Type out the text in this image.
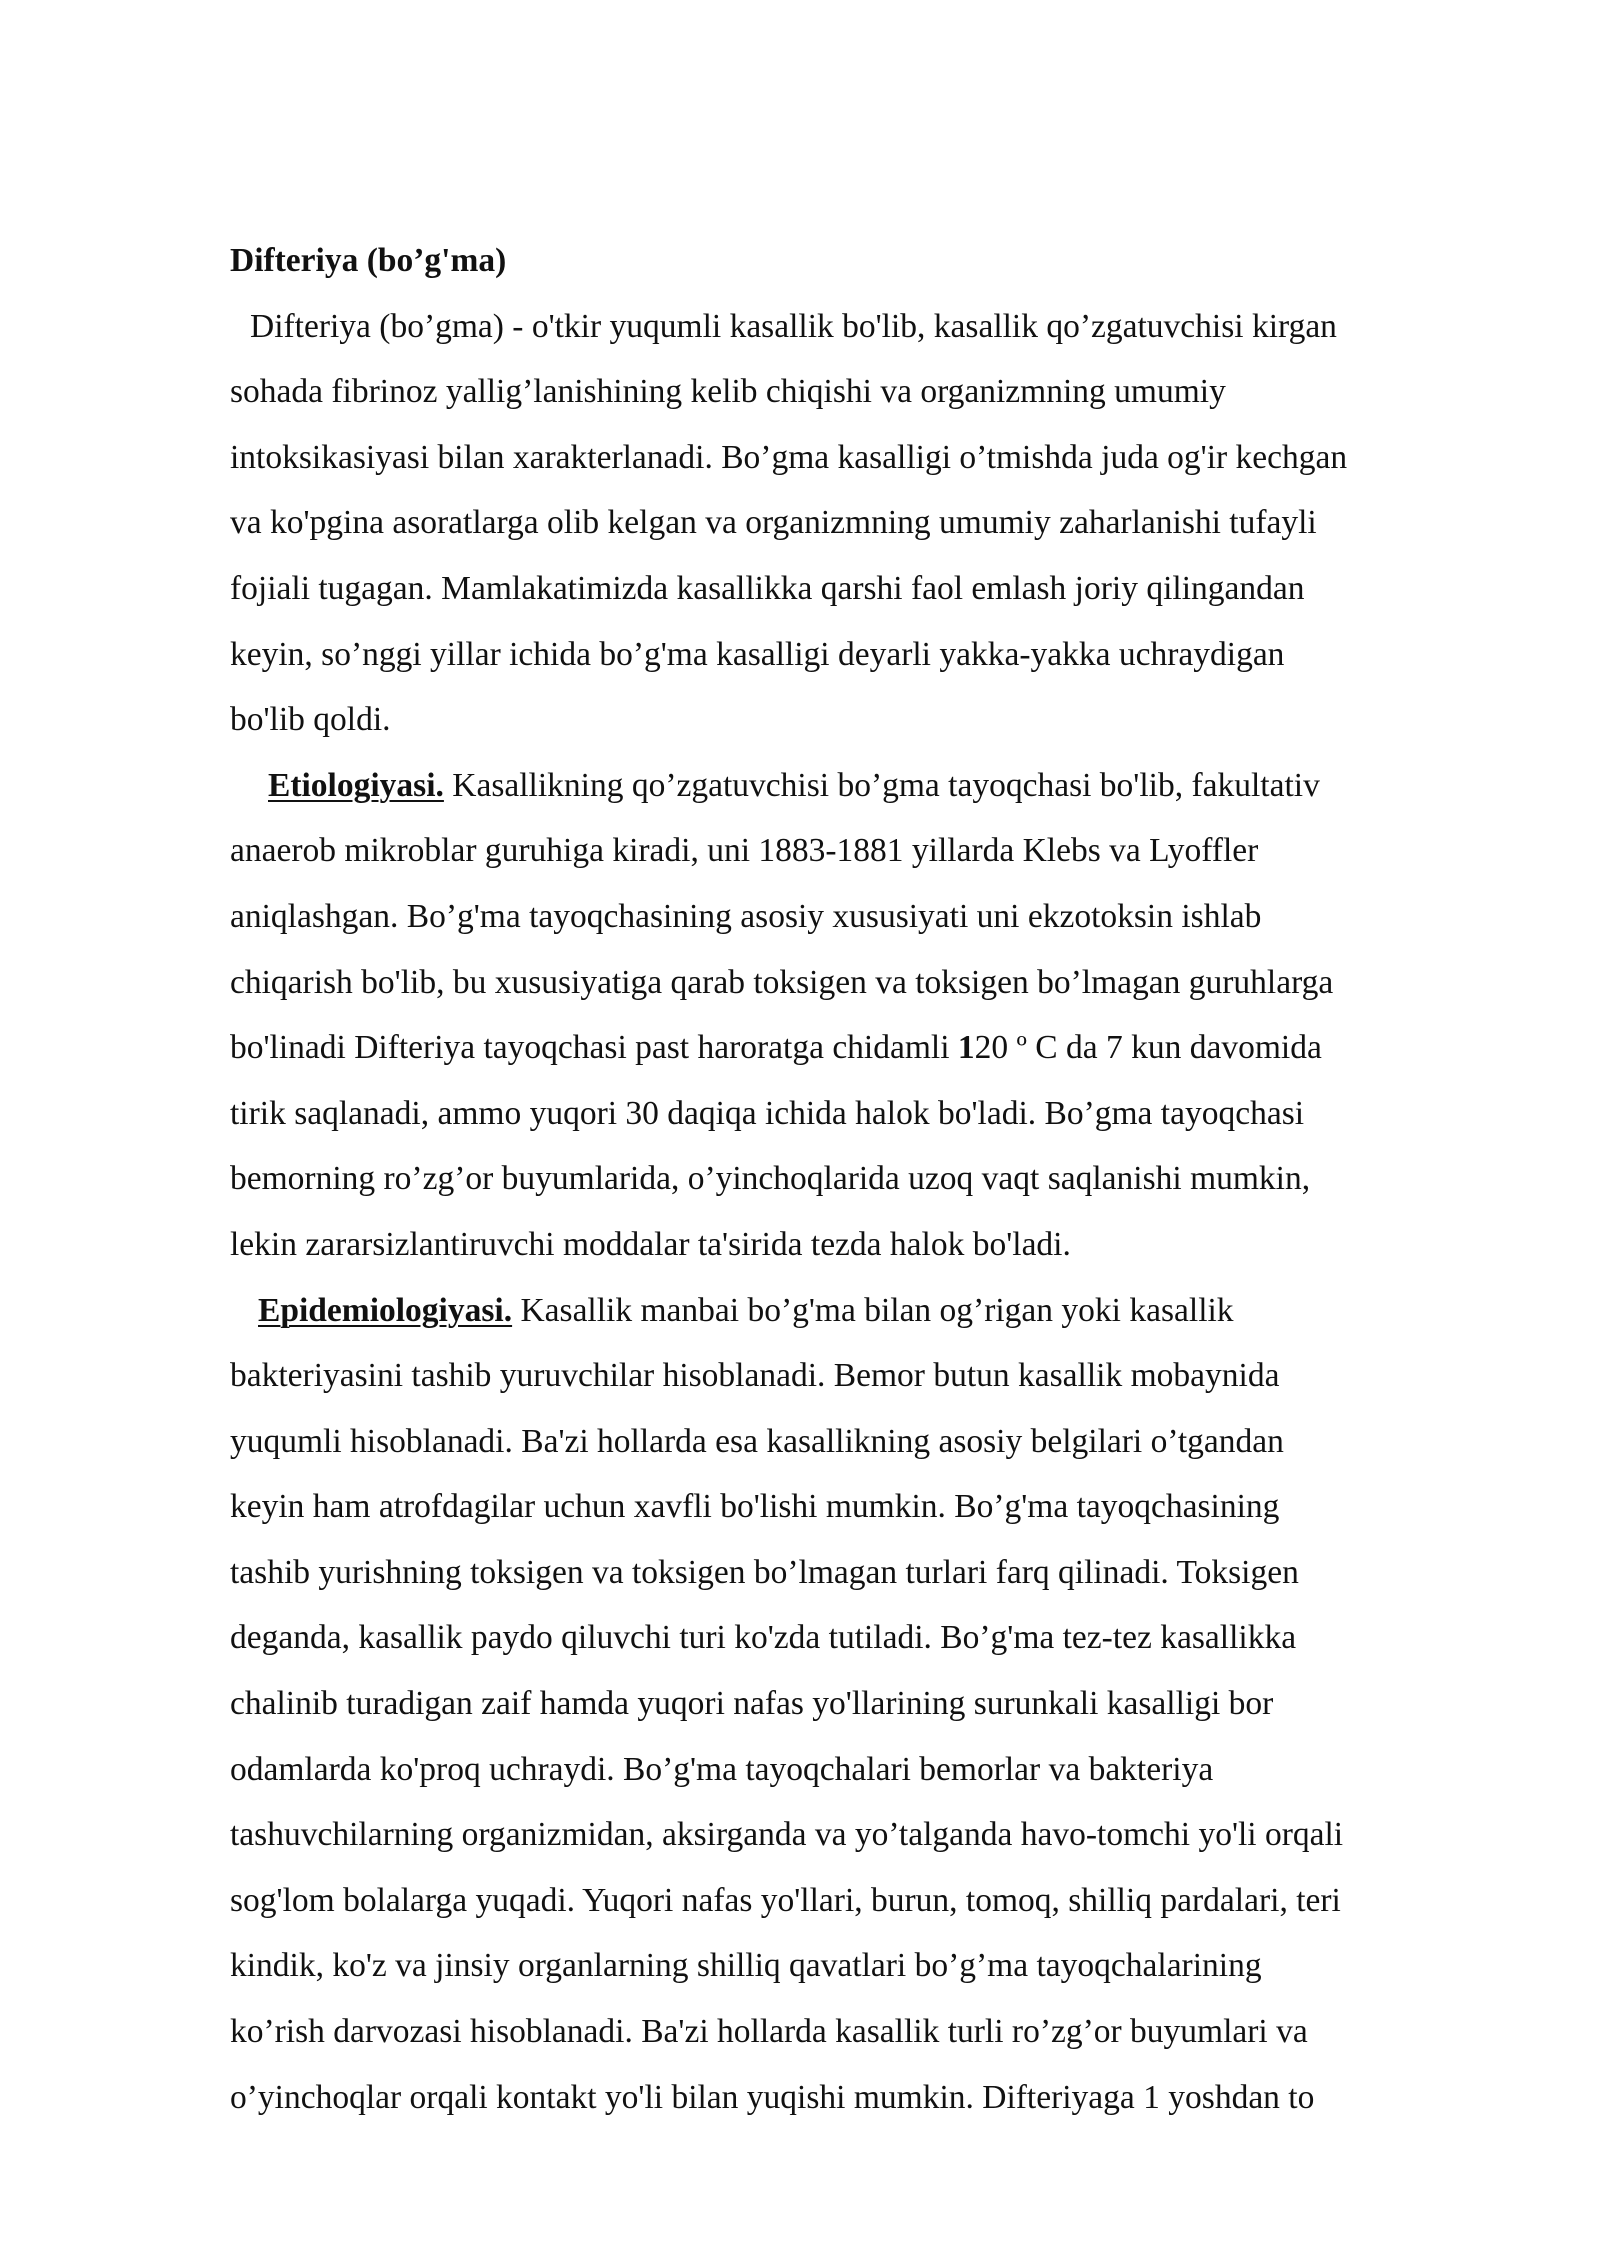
Difteriya (bo’g'ma)
Difteriya (bo’gma) - o'tkir yuqumli kasallik bo'lib, kasallik qo’zgatuvchisi kirgan
sohada fibrinoz yallig’lanishining kelib chiqishi va organizmning umumiy
intoksikasiyasi bilan xarakterlanadi. Bo’gma kasalligi o’tmishda juda og'ir kechgan
va ko'pgina asoratlarga olib kelgan va organizmning umumiy zaharlanishi tufayli
fojiali tugagan. Mamlakatimizda kasallikka qarshi faol emlash joriy qilingandan
keyin, so’nggi yillar ichida bo’g'ma kasalligi deyarli yakka-yakka uchraydigan
bo'lib qoldi.
Etiologiyasi. Kasallikning qo’zgatuvchisi bo’gma tayoqchasi bo'lib, fakultativ
anaerob mikroblar guruhiga kiradi, uni 1883-1881 yillarda Klebs va Lyoffler
aniqlashgan. Bo’g'ma tayoqchasining asosiy xususiyati uni ekzotoksin ishlab
chiqarish bo'lib, bu xususiyatiga qarab toksigen va toksigen bo’lmagan guruhlarga
bo'linadi Difteriya tayoqchasi past haroratga chidamli 120 º C da 7 kun davomida
tirik saqlanadi, ammo yuqori 30 daqiqa ichida halok bo'ladi. Bo’gma tayoqchasi
bemorning ro’zg’or buyumlarida, o’yinchoqlarida uzoq vaqt saqlanishi mumkin,
lekin zararsizlantiruvchi moddalar ta'sirida tezda halok bo'ladi.
Epidemiologiyasi. Kasallik manbai bo’g'ma bilan og’rigan yoki kasallik
bakteriyasini tashib yuruvchilar hisoblanadi. Bemor butun kasallik mobaynida
yuqumli hisoblanadi. Ba'zi hollarda esa kasallikning asosiy belgilari o’tgandan
keyin ham atrofdagilar uchun xavfli bo'lishi mumkin. Bo’g'ma tayoqchasining
tashib yurishning toksigen va toksigen bo’lmagan turlari farq qilinadi. Toksigen
deganda, kasallik paydo qiluvchi turi ko'zda tutiladi. Bo’g'ma tez-tez kasallikka
chalinib turadigan zaif hamda yuqori nafas yo'llarining surunkali kasalligi bor
odamlarda ko'proq uchraydi. Bo’g'ma tayoqchalari bemorlar va bakteriya
tashuvchilarning organizmidan, aksirganda va yo’talganda havo-tomchi yo'li orqali
sog'lom bolalarga yuqadi. Yuqori nafas yo'llari, burun, tomoq, shilliq pardalari, teri
kindik, ko'z va jinsiy organlarning shilliq qavatlari bo’g’ma tayoqchalarining
ko’rish darvozasi hisoblanadi. Ba'zi hollarda kasallik turli ro’zg’or buyumlari va
o’yinchoqlar orqali kontakt yo'li bilan yuqishi mumkin. Difteriyaga 1 yoshdan to
